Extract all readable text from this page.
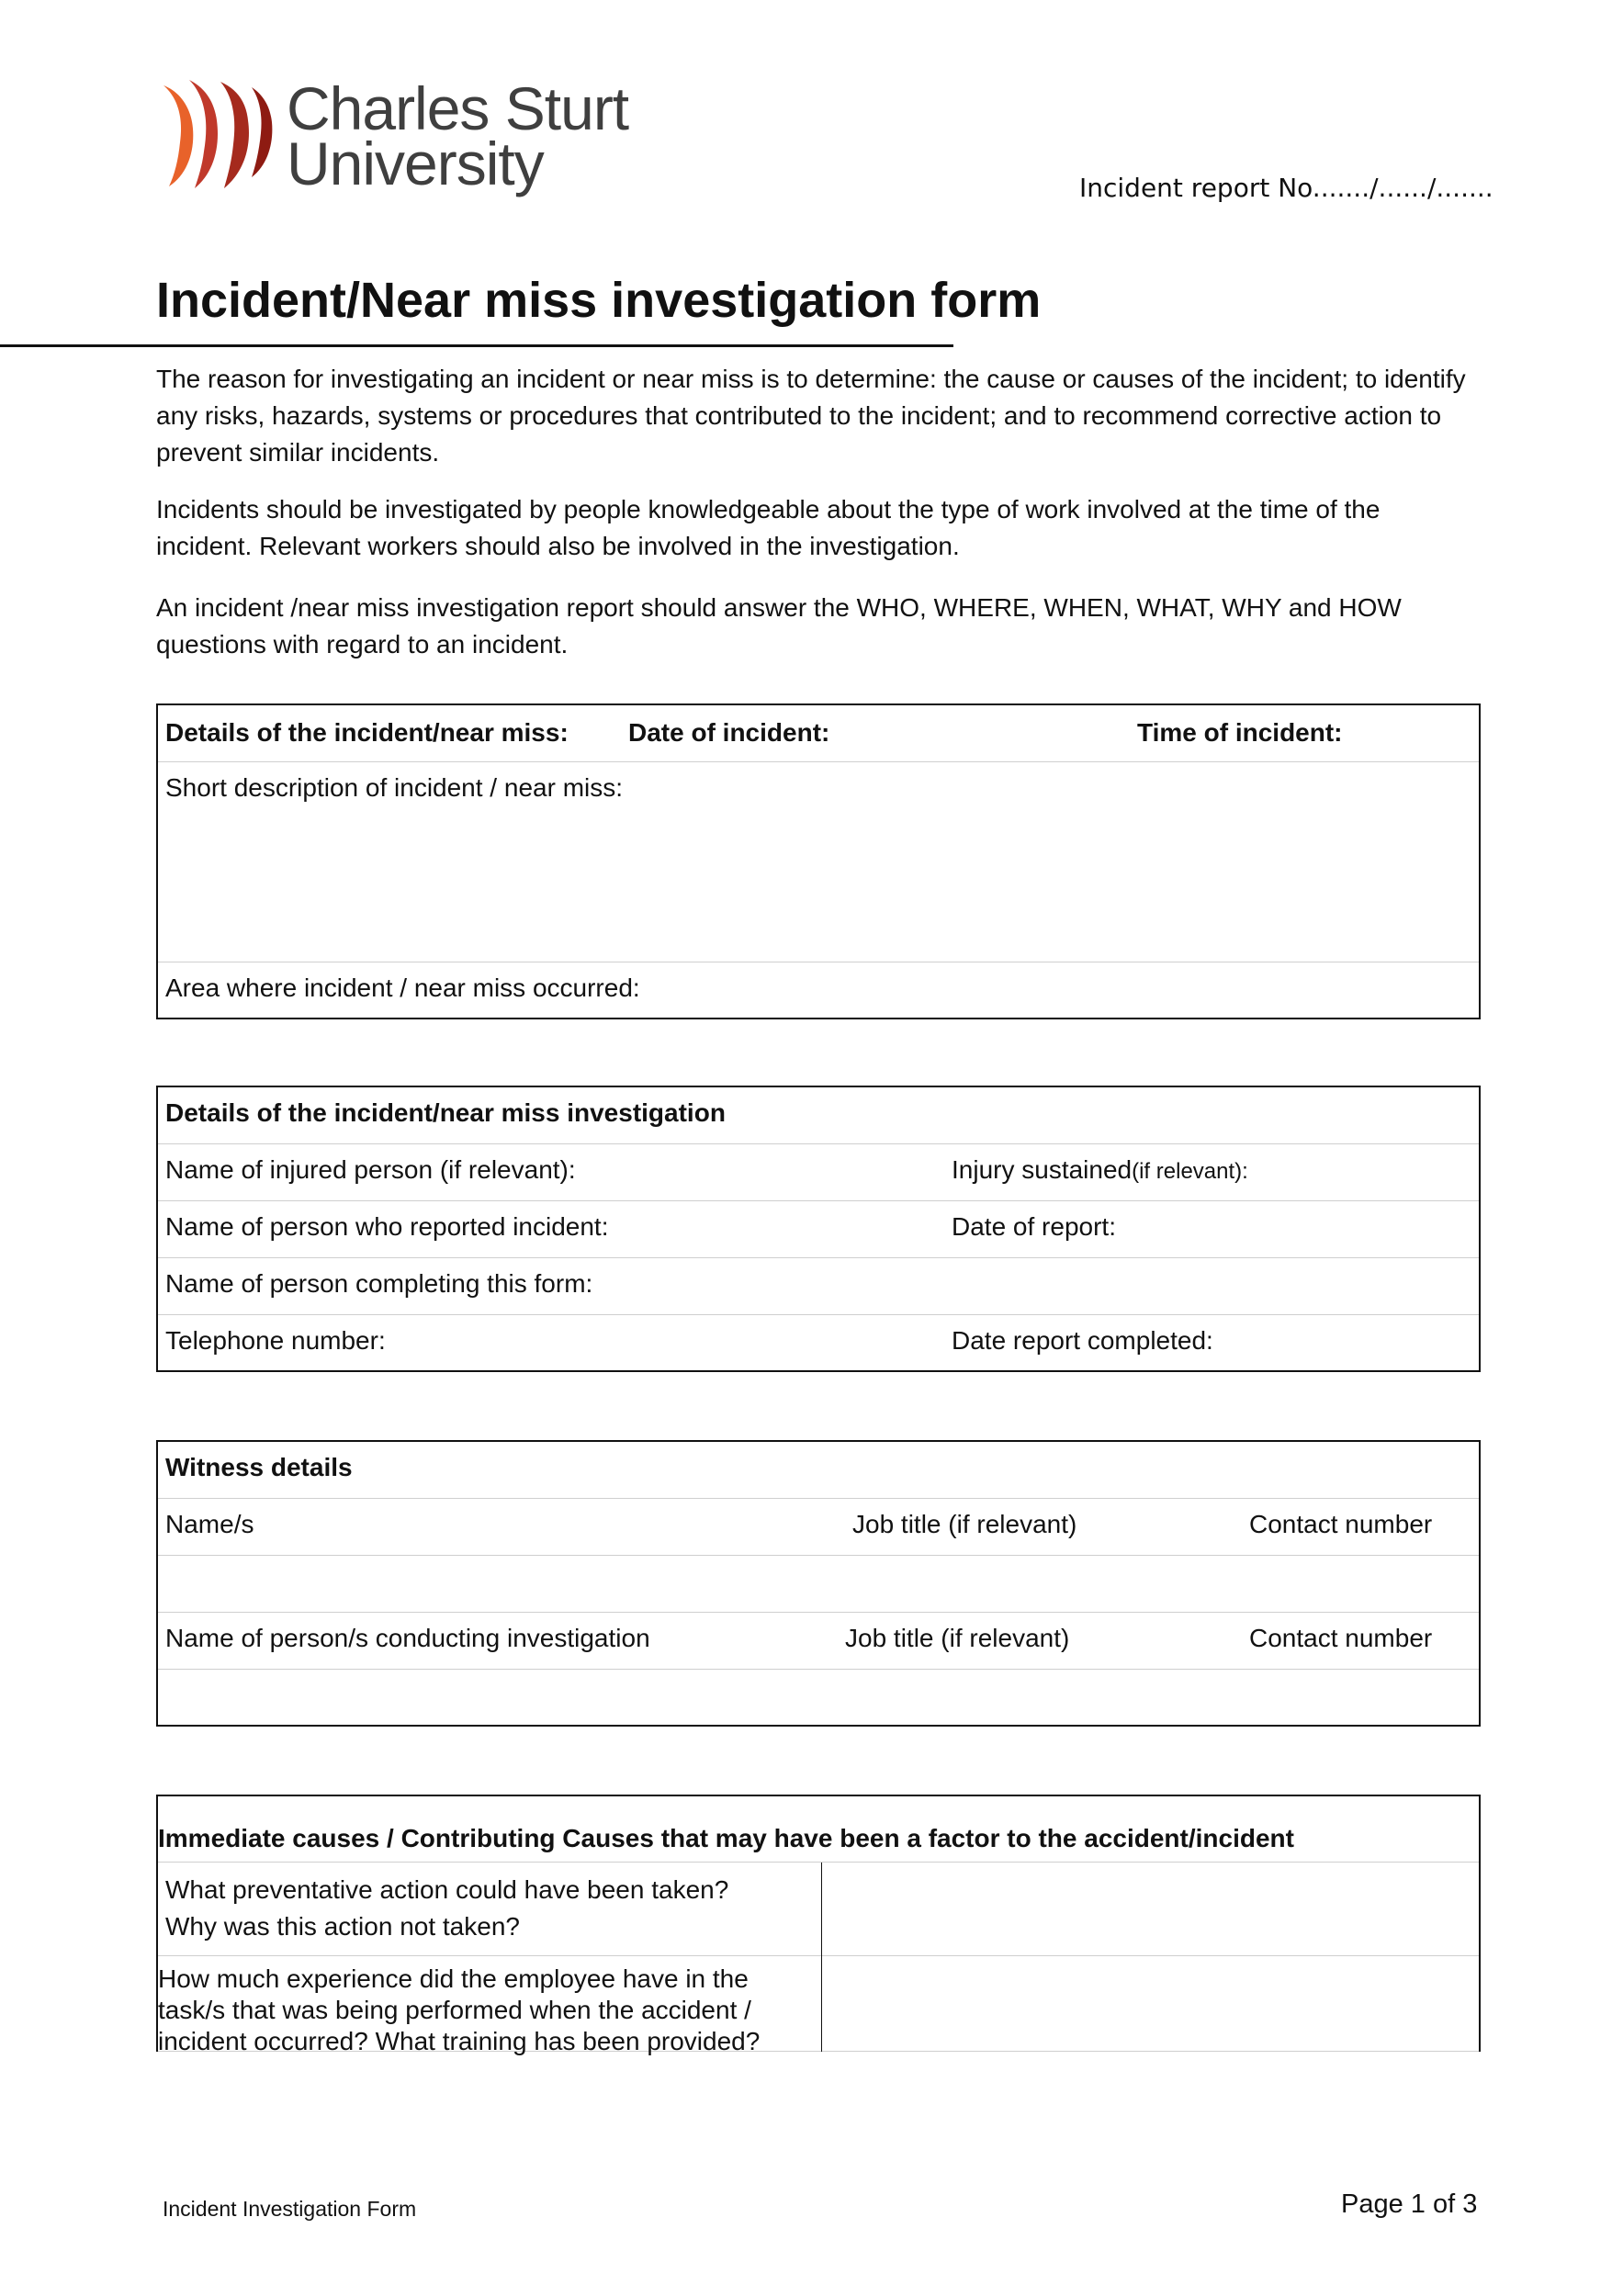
Charles Sturt
University	Incident report No......./....../.......
Incident/Near miss investigation form
The reason for investigating an incident or near miss is to determine: the cause or causes of the incident; to identify any risks, hazards, systems or procedures that contributed to the incident; and to recommend corrective action to prevent similar incidents.
Incidents should be investigated by people knowledgeable about the type of work involved at the time of the incident. Relevant workers should also be involved in the investigation.
An incident /near miss investigation report should answer the WHO, WHERE, WHEN, WHAT, WHY and HOW questions with regard to an incident.
Details of the incident/near miss: Date of incident:	Time of incident:
Short description of incident / near miss:
Area where incident / near miss occurred:
Details of the incident/near miss investigation
Name of injured person (if relevant):	Injury sustained(if relevant):
Name of person who reported incident:	Date of report:
Name of person completing this form:
Telephone number:	Date report completed:
Witness details
Name/s	Job title (if relevant)	Contact number
Name of person/s conducting investigation	Job title (if relevant)	Contact number
Immediate causes / Contributing Causes that may have been a factor to the accident/incident
What preventative action could have been taken?
Why was this action not taken?
How much experience did the employee have in the
task/s that was being performed when the accident /
incident occurred? What training has been provided?
Incident Investigation Form	Page 1 of 3
